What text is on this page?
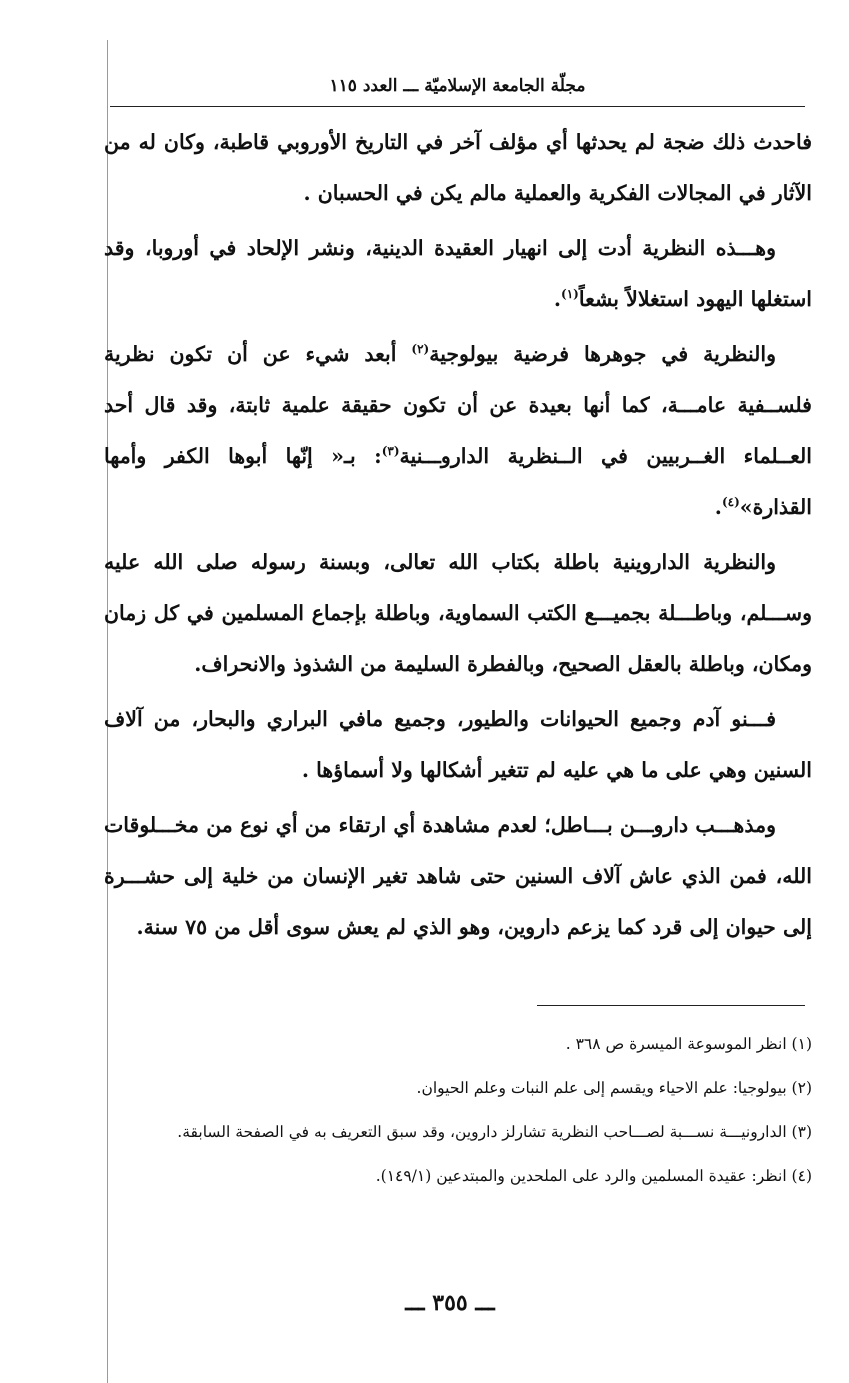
مجلّة الجامعة الإسلاميّة ـــ العدد ١١٥

فاحدث ذلك ضجة لم يحدثها أي مؤلف آخر في التاريخ الأوروبي قاطبة، وكان له من الآثار في المجالات الفكرية والعملية مالم يكن في الحسبان .

وهـــذه النظرية أدت إلى انهيار العقيدة الدينية، ونشر الإلحاد في أوروبا، وقد استغلها اليهود استغلالاً بشعاً$^{(١)}$.

والنظرية في جوهرها فرضية بيولوجية$^{(٢)}$ أبعد شيء عن أن تكون نظرية فلســفية عامـــة، كما أنها بعيدة عن أن تكون حقيقة علمية ثابتة، وقد قال أحد العــلماء الغــربيين في الــنظرية الداروـــنية$^{(٣)}$: بـ« إنّها أبوها الكفر وأمها القذارة»$^{(٤)}$.

والنظرية الداروينية باطلة بكتاب الله تعالى، وبسنة رسوله صلى الله عليه وســـلم، وباطـــلة بجميـــع الكتب السماوية، وباطلة بإجماع المسلمين في كل زمان ومكان، وباطلة بالعقل الصحيح، وبالفطرة السليمة من الشذوذ والانحراف.

فـــنو آدم وجميع الحيوانات والطيور، وجميع مافي البراري والبحار، من آلاف السنين وهي على ما هي عليه لم تتغير أشكالها ولا أسماؤها .

ومذهـــب داروـــن بـــاطل؛ لعدم مشاهدة أي ارتقاء من أي نوع من مخـــلوقات الله، فمن الذي عاش آلاف السنين حتى شاهد تغير الإنسان من خلية إلى حشـــرة إلى حيوان إلى قرد كما يزعم داروين، وهو الذي لم يعش سوى أقل من ٧٥ سنة.

(١) انظر الموسوعة الميسرة ص ٣٦٨ .

(٢) بيولوجيا: علم الاحياء ويقسم إلى علم النبات وعلم الحيوان.

(٣) الدارونيـــة نســـبة لصـــاحب النظرية تشارلز داروين، وقد سبق التعريف به في الصفحة السابقة.

(٤) انظر: عقيدة المسلمين والرد على الملحدين والمبتدعين (١٤٩/١).

ـــ ٣٥٥ ـــ
